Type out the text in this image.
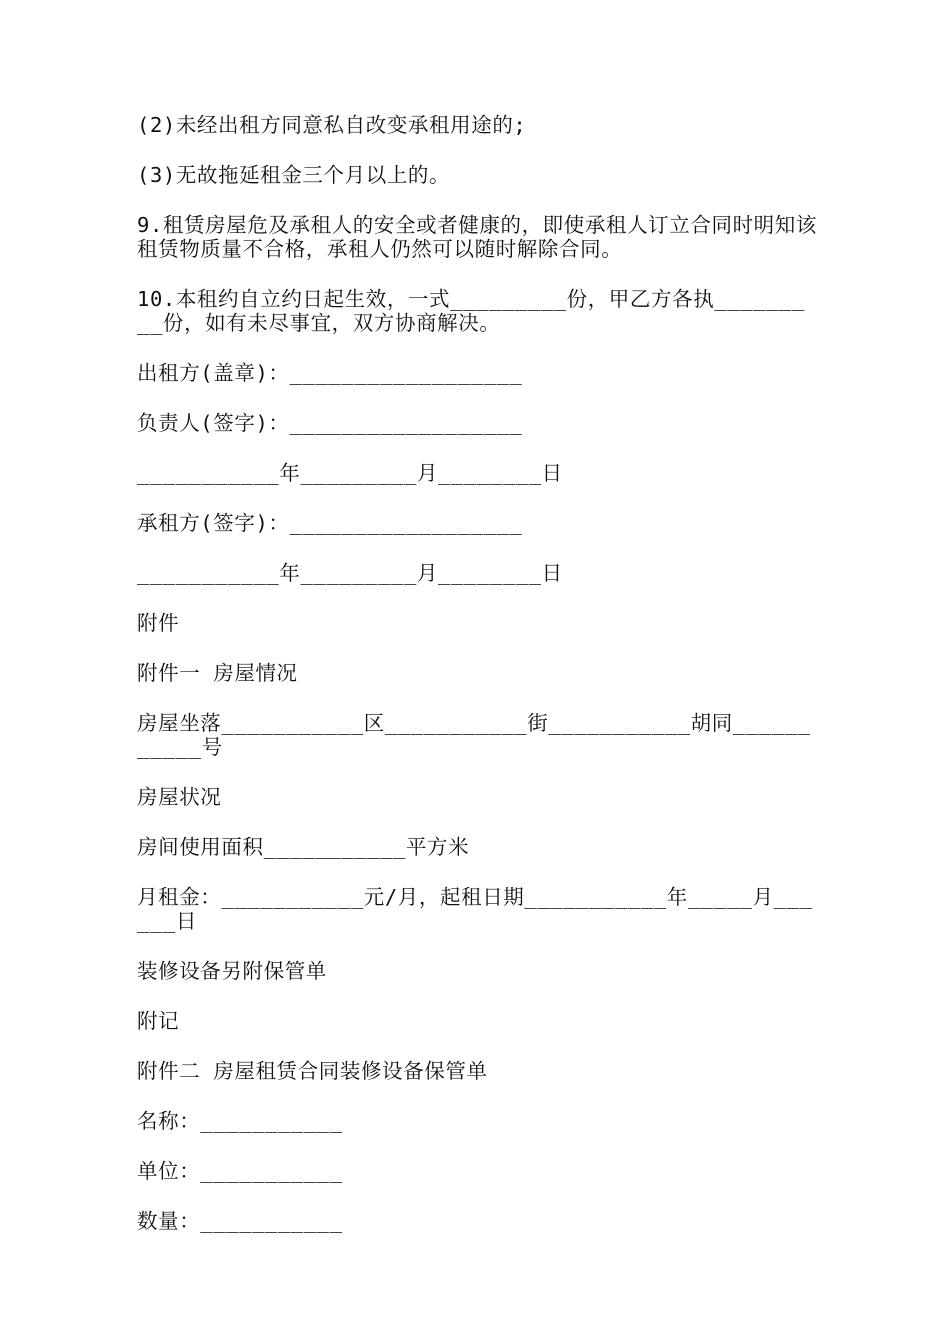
(2)未经出租方同意私自改变承租用途的;

(3)无故拖延租金三个月以上的。

9.租赁房屋危及承租人的安全或者健康的，即使承租人订立合同时明知该租赁物质量不合格，承租人仍然可以随时解除合同。

10.本租约自立约日起生效，一式_________份，甲乙方各执_________份，如有未尽事宜，双方协商解决。

出租方(盖章)：__________________

负责人(签字)：__________________

___________年_________月________日

承租方(签字)：__________________

___________年_________月________日

附件

附件一 房屋情况

房屋坐落___________区___________街___________胡同___________号

房屋状况

房间使用面积___________平方米

月租金：___________元/月，起租日期___________年_____月______日

装修设备另附保管单

附记

附件二 房屋租赁合同装修设备保管单

名称：___________

单位：___________

数量：___________
